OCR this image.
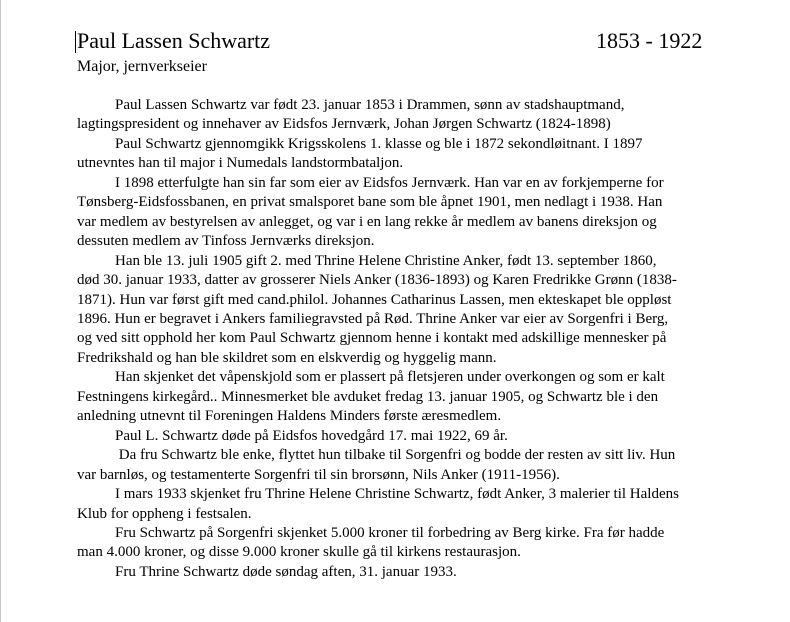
Paul Lassen Schwartz	1853 - 1922
Major, jernverkseier
Paul Lassen Schwartz var født 23. januar 1853 i Drammen, sønn av stadshauptmand,
lagtingspresident og innehaver av Eidsfos Jernværk, Johan Jørgen Schwartz (1824-1898)
Paul Schwartz gjennomgikk Krigsskolens 1. klasse og ble i 1872 sekondløitnant. I 1897
utnevntes han til major i Numedals landstormbataljon.
I 1898 etterfulgte han sin far som eier av Eidsfos Jernværk. Han var en av forkjemperne for
Tønsberg-Eidsfossbanen, en privat smalsporet bane som ble åpnet 1901, men nedlagt i 1938. Han
var medlem av bestyrelsen av anlegget, og var i en lang rekke år medlem av banens direksjon og
dessuten medlem av Tinfoss Jernværks direksjon.
Han ble 13. juli 1905 gift 2. med Thrine Helene Christine Anker, født 13. september 1860,
død 30. januar 1933, datter av grosserer Niels Anker (1836-1893) og Karen Fredrikke Grønn (1838-
1871). Hun var først gift med cand.philol. Johannes Catharinus Lassen, men ekteskapet ble oppløst
1896. Hun er begravet i Ankers familiegravsted på Rød. Thrine Anker var eier av Sorgenfri i Berg,
og ved sitt opphold her kom Paul Schwartz gjennom henne i kontakt med adskillige mennesker på
Fredrikshald og han ble skildret som en elskverdig og hyggelig mann.
Han skjenket det våpenskjold som er plassert på fletsjeren under overkongen og som er kalt
Festningens kirkegård.. Minnesmerket ble avduket fredag 13. januar 1905, og Schwartz ble i den
anledning utnevnt til Foreningen Haldens Minders første æresmedlem.
Paul L. Schwartz døde på Eidsfos hovedgård 17. mai 1922, 69 år.
Da fru Schwartz ble enke, flyttet hun tilbake til Sorgenfri og bodde der resten av sitt liv. Hun
var barnløs, og testamenterte Sorgenfri til sin brorsønn, Nils Anker (1911-1956).
I mars 1933 skjenket fru Thrine Helene Christine Schwartz, født Anker, 3 malerier til Haldens
Klub for oppheng i festsalen.
Fru Schwartz på Sorgenfri skjenket 5.000 kroner til forbedring av Berg kirke. Fra før hadde
man 4.000 kroner, og disse 9.000 kroner skulle gå til kirkens restaurasjon.
Fru Thrine Schwartz døde søndag aften, 31. januar 1933.
